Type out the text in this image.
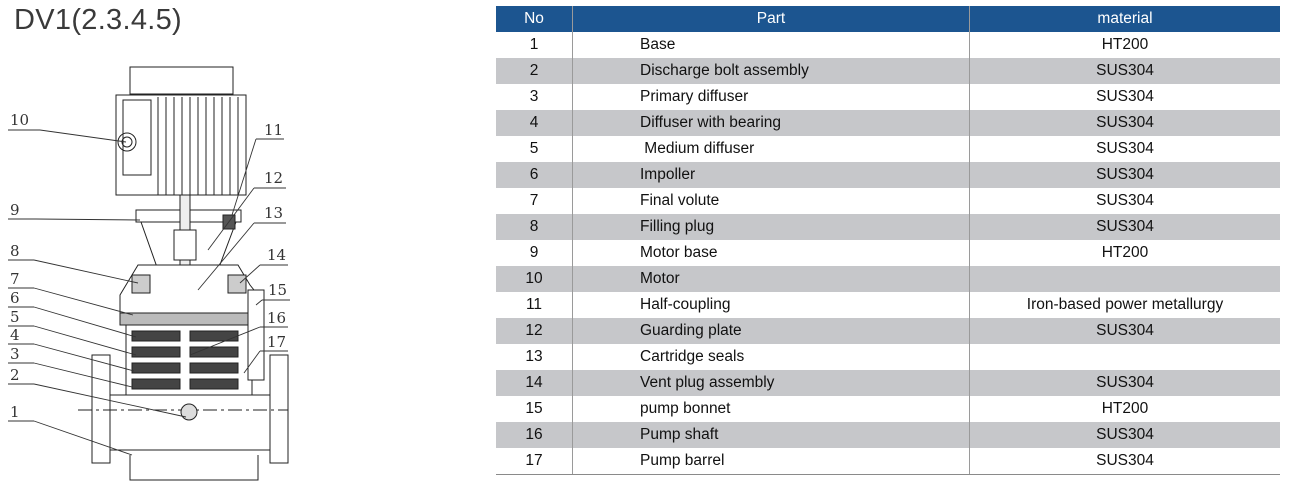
DV1(2.3.4.5)
10
11
12
9	13
8	14
7
15
6
16
5
17
4
3
2
1
No	Part	material
1	Base	HT200
2	Discharge bolt assembly	SUS304
3	Primary diffuser	SUS304
4	Diffuser with bearing	SUS304
5	Medium diffuser	SUS304
6	Impoller	SUS304
7	Final volute	SUS304
8	Filling plug	SUS304
9	Motor base	HT200
10	Motor	
11	Half-coupling	Iron-based power metallurgy
12	Guarding plate	SUS304
13	Cartridge seals	
14	Vent plug assembly	SUS304
15	pump bonnet	HT200
16	Pump shaft	SUS304
17	Pump barrel	SUS304
